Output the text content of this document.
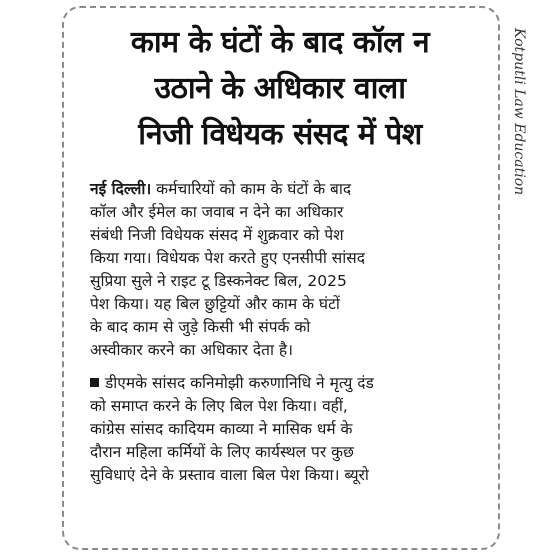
काम के घंटों के बाद कॉल न
उठाने के अधिकार वाला
निजी विधेयक संसद में पेश	Kotputli Law Education
नई दिल्ली। कर्मचारियों को काम के घंटों के बाद
कॉल और ईमेल का जवाब न देने का अधिकार
संबंधी निजी विधेयक संसद में शुक्रवार को पेश
किया गया। विधेयक पेश करते हुए एनसीपी सांसद
सुप्रिया सुले ने राइट टू डिस्कनेक्ट बिल, 2025
पेश किया। यह बिल छुट्टियों और काम के घंटों
के बाद काम से जुड़े किसी भी संपर्क को
अस्वीकार करने का अधिकार देता है।
डीएमके सांसद कनिमोझी करुणानिधि ने मृत्यु दंड
को समाप्त करने के लिए बिल पेश किया। वहीं,
कांग्रेस सांसद कादियम काव्या ने मासिक धर्म के
दौरान महिला कर्मियों के लिए कार्यस्थल पर कुछ
सुविधाएं देने के प्रस्ताव वाला बिल पेश किया। ब्यूरो
